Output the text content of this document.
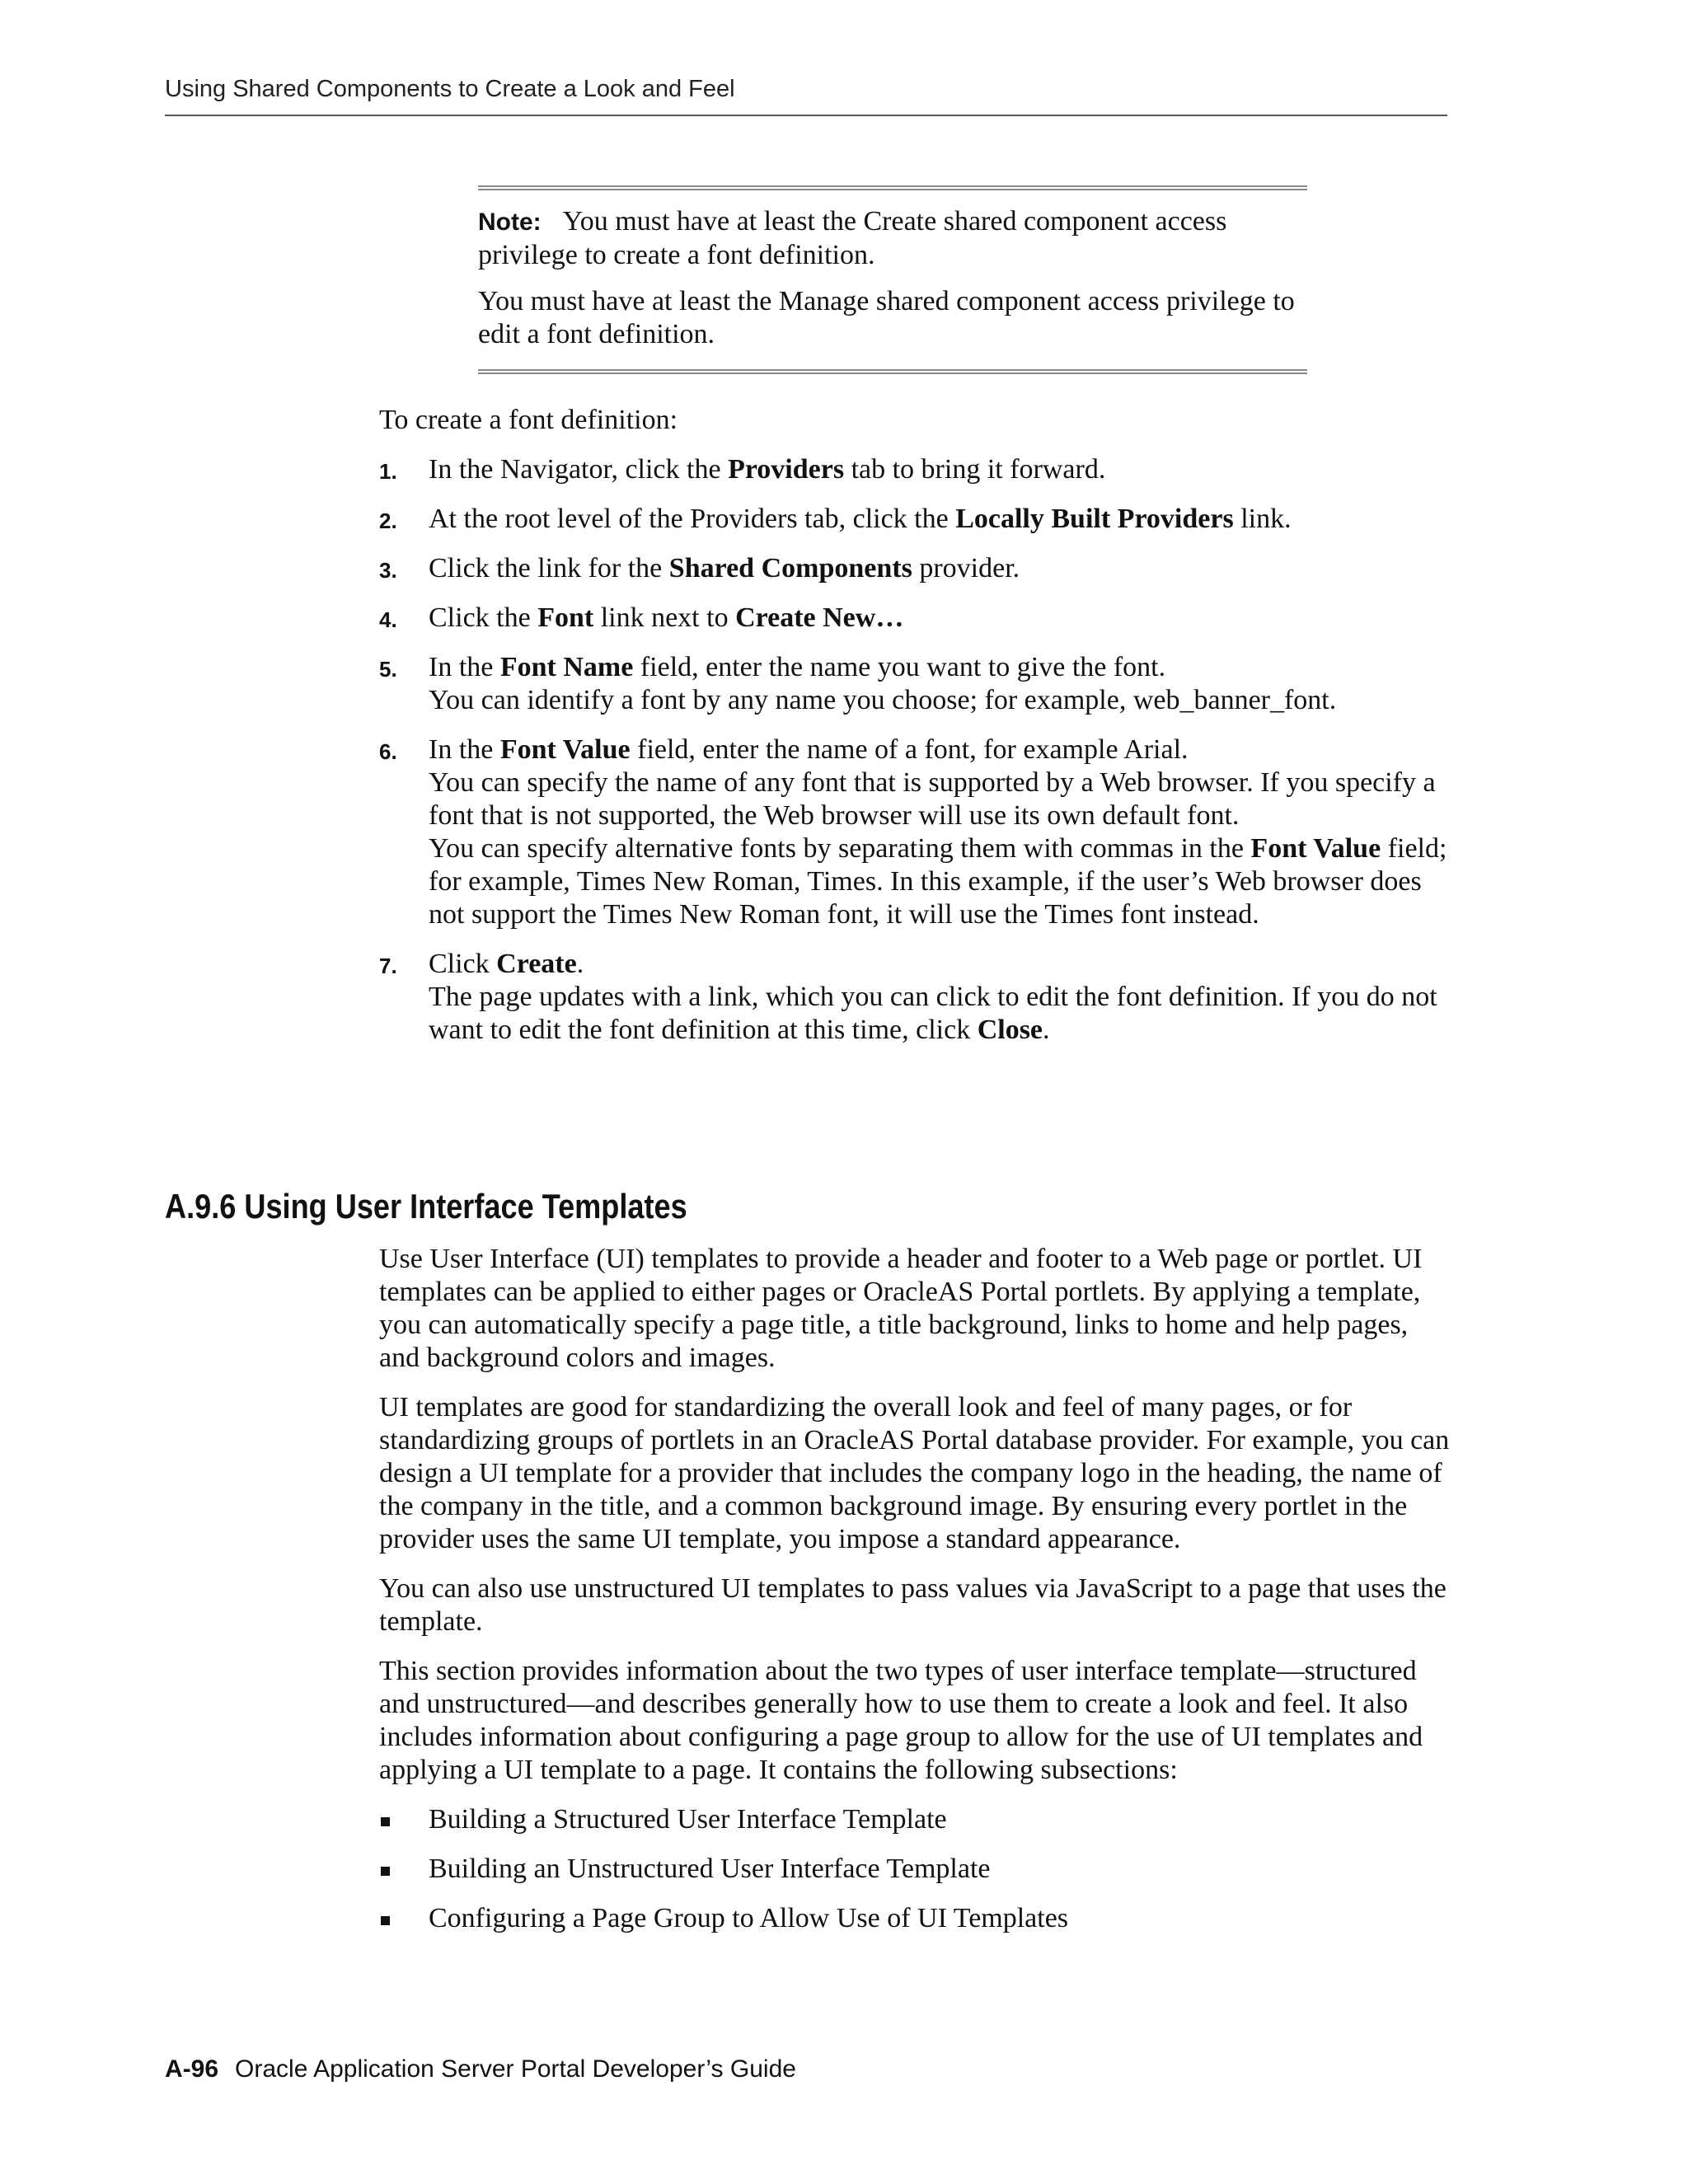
Using Shared Components to Create a Look and Feel

Note: You must have at least the Create shared component access privilege to create a font definition.

You must have at least the Manage shared component access privilege to edit a font definition.

To create a font definition:

1. In the Navigator, click the Providers tab to bring it forward.
2. At the root level of the Providers tab, click the Locally Built Providers link.
3. Click the link for the Shared Components provider.
4. Click the Font link next to Create New…
5. In the Font Name field, enter the name you want to give the font.

You can identify a font by any name you choose; for example, web_banner_font.

6. In the Font Value field, enter the name of a font, for example Arial.

You can specify the name of any font that is supported by a Web browser. If you specify a font that is not supported, the Web browser will use its own default font.

You can specify alternative fonts by separating them with commas in the Font Value field; for example, Times New Roman, Times. In this example, if the user’s Web browser does not support the Times New Roman font, it will use the Times font instead.

7. Click Create.

The page updates with a link, which you can click to edit the font definition. If you do not want to edit the font definition at this time, click Close.

A.9.6 Using User Interface Templates

Use User Interface (UI) templates to provide a header and footer to a Web page or portlet. UI templates can be applied to either pages or OracleAS Portal portlets. By applying a template, you can automatically specify a page title, a title background, links to home and help pages, and background colors and images.

UI templates are good for standardizing the overall look and feel of many pages, or for standardizing groups of portlets in an OracleAS Portal database provider. For example, you can design a UI template for a provider that includes the company logo in the heading, the name of the company in the title, and a common background image. By ensuring every portlet in the provider uses the same UI template, you impose a standard appearance.

You can also use unstructured UI templates to pass values via JavaScript to a page that uses the template.

This section provides information about the two types of user interface template—structured and unstructured—and describes generally how to use them to create a look and feel. It also includes information about configuring a page group to allow for the use of UI templates and applying a UI template to a page. It contains the following subsections:

Building a Structured User Interface Template
Building an Unstructured User Interface Template
Configuring a Page Group to Allow Use of UI Templates
A-96 Oracle Application Server Portal Developer’s Guide
